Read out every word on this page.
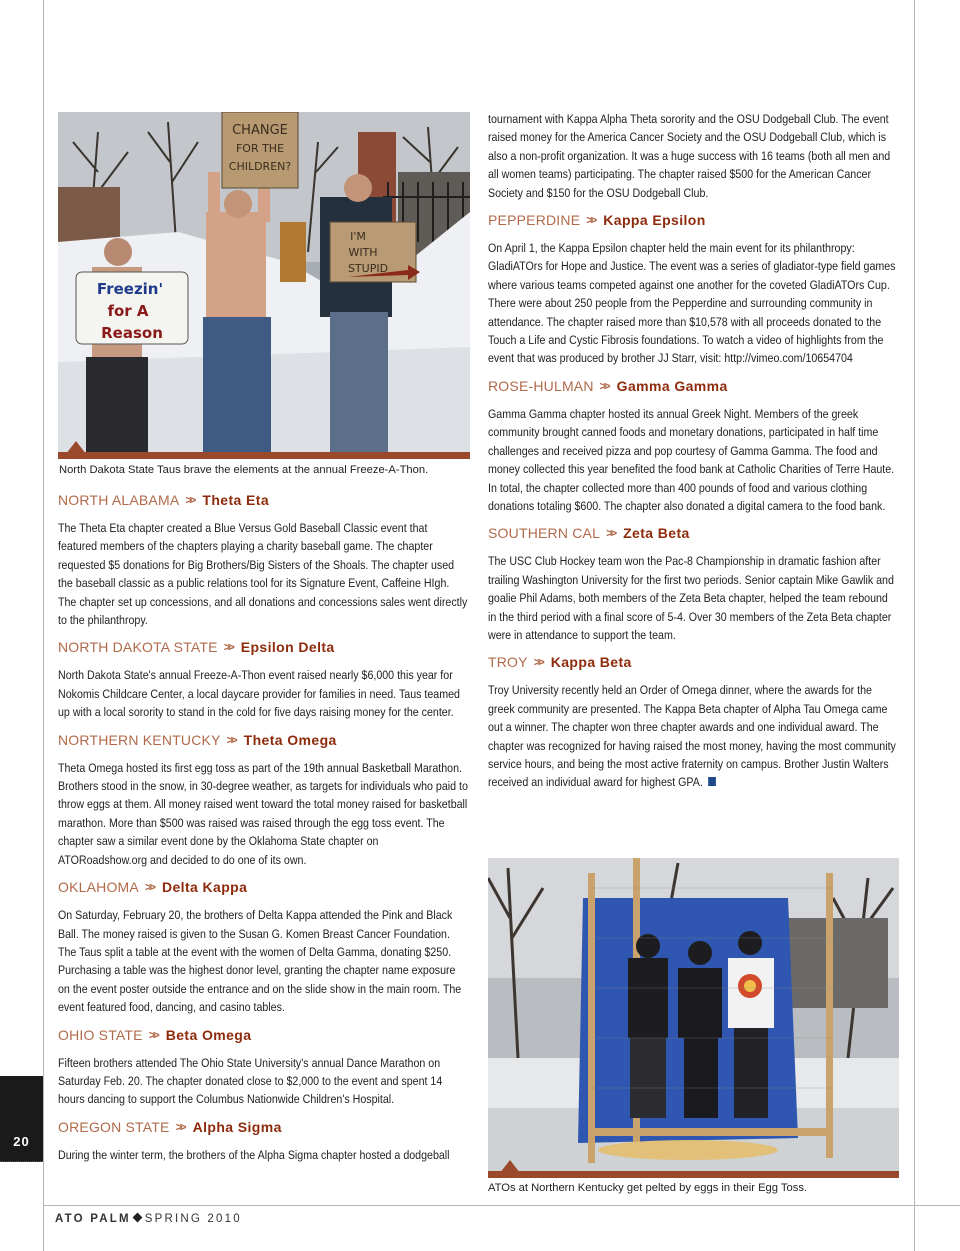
20
ATO PALM SPRING 2010
Freezin'
for A
Reason
CHANGE
FOR THE
CHILDREN?
I'M
WITH
STUPID
North Dakota State Taus brave the elements at the annual Freeze-A-Thon.
ATOs at Northern Kentucky get pelted by eggs in their Egg Toss.
NORTH ALABAMA >> Theta Eta

The Theta Eta chapter created a Blue Versus Gold Baseball Classic event that featured members of the chapters playing a charity baseball game. The chapter requested $5 donations for Big Brothers/Big Sisters of the Shoals. The chapter used the baseball classic as a public relations tool for its Signature Event, Caffeine HIgh. The chapter set up concessions, and all donations and concessions sales went directly to the philanthropy.

NORTH DAKOTA STATE >> Epsilon Delta

North Dakota State's annual Freeze-A-Thon event raised nearly $6,000 this year for Nokomis Childcare Center, a local daycare provider for families in need. Taus teamed up with a local sorority to stand in the cold for five days raising money for the center.

NORTHERN KENTUCKY >> Theta Omega

Theta Omega hosted its first egg toss as part of the 19th annual Basketball Marathon. Brothers stood in the snow, in 30-degree weather, as targets for individuals who paid to throw eggs at them. All money raised went toward the total money raised for basketball marathon. More than $500 was raised was raised through the egg toss event. The chapter saw a similar event done by the Oklahoma State chapter on ATORoadshow.org and decided to do one of its own.

OKLAHOMA >> Delta Kappa

On Saturday, February 20, the brothers of Delta Kappa attended the Pink and Black Ball. The money raised is given to the Susan G. Komen Breast Cancer Foundation. The Taus split a table at the event with the women of Delta Gamma, donating $250. Purchasing a table was the highest donor level, granting the chapter name exposure on the event poster outside the entrance and on the slide show in the main room. The event featured food, dancing, and casino tables.

OHIO STATE >> Beta Omega

Fifteen brothers attended The Ohio State University's annual Dance Marathon on Saturday Feb. 20. The chapter donated close to $2,000 to the event and spent 14 hours dancing to support the Columbus Nationwide Children's Hospital.

OREGON STATE >> Alpha Sigma

During the winter term, the brothers of the Alpha Sigma chapter hosted a dodgeball

tournament with Kappa Alpha Theta sorority and the OSU Dodgeball Club. The event raised money for the America Cancer Society and the OSU Dodgeball Club, which is also a non-profit organization. It was a huge success with 16 teams (both all men and all women teams) participating. The chapter raised $500 for the American Cancer Society and $150 for the OSU Dodgeball Club.

PEPPERDINE >> Kappa Epsilon

On April 1, the Kappa Epsilon chapter held the main event for its philanthropy: GladiATOrs for Hope and Justice. The event was a series of gladiator-type field games where various teams competed against one another for the coveted GladiATOrs Cup. There were about 250 people from the Pepperdine and surrounding community in attendance. The chapter raised more than $10,578 with all proceeds donated to the Touch a Life and Cystic Fibrosis foundations. To watch a video of highlights from the event that was produced by brother JJ Starr, visit: http://vimeo.com/10654704

ROSE-HULMAN >> Gamma Gamma

Gamma Gamma chapter hosted its annual Greek Night. Members of the greek community brought canned foods and monetary donations, participated in half time challenges and received pizza and pop courtesy of Gamma Gamma. The food and money collected this year benefited the food bank at Catholic Charities of Terre Haute. In total, the chapter collected more than 400 pounds of food and various clothing donations totaling $600. The chapter also donated a digital camera to the food bank.

SOUTHERN CAL >> Zeta Beta

The USC Club Hockey team won the Pac-8 Championship in dramatic fashion after trailing Washington University for the first two periods. Senior captain Mike Gawlik and goalie Phil Adams, both members of the Zeta Beta chapter, helped the team rebound in the third period with a final score of 5-4. Over 30 members of the Zeta Beta chapter were in attendance to support the team.

TROY >> Kappa Beta

Troy University recently held an Order of Omega dinner, where the awards for the greek community are presented. The Kappa Beta chapter of Alpha Tau Omega came out a winner. The chapter won three chapter awards and one individual award. The chapter was recognized for having raised the most money, having the most community service hours, and being the most active fraternity on campus. Brother Justin Walters received an individual award for highest GPA.
